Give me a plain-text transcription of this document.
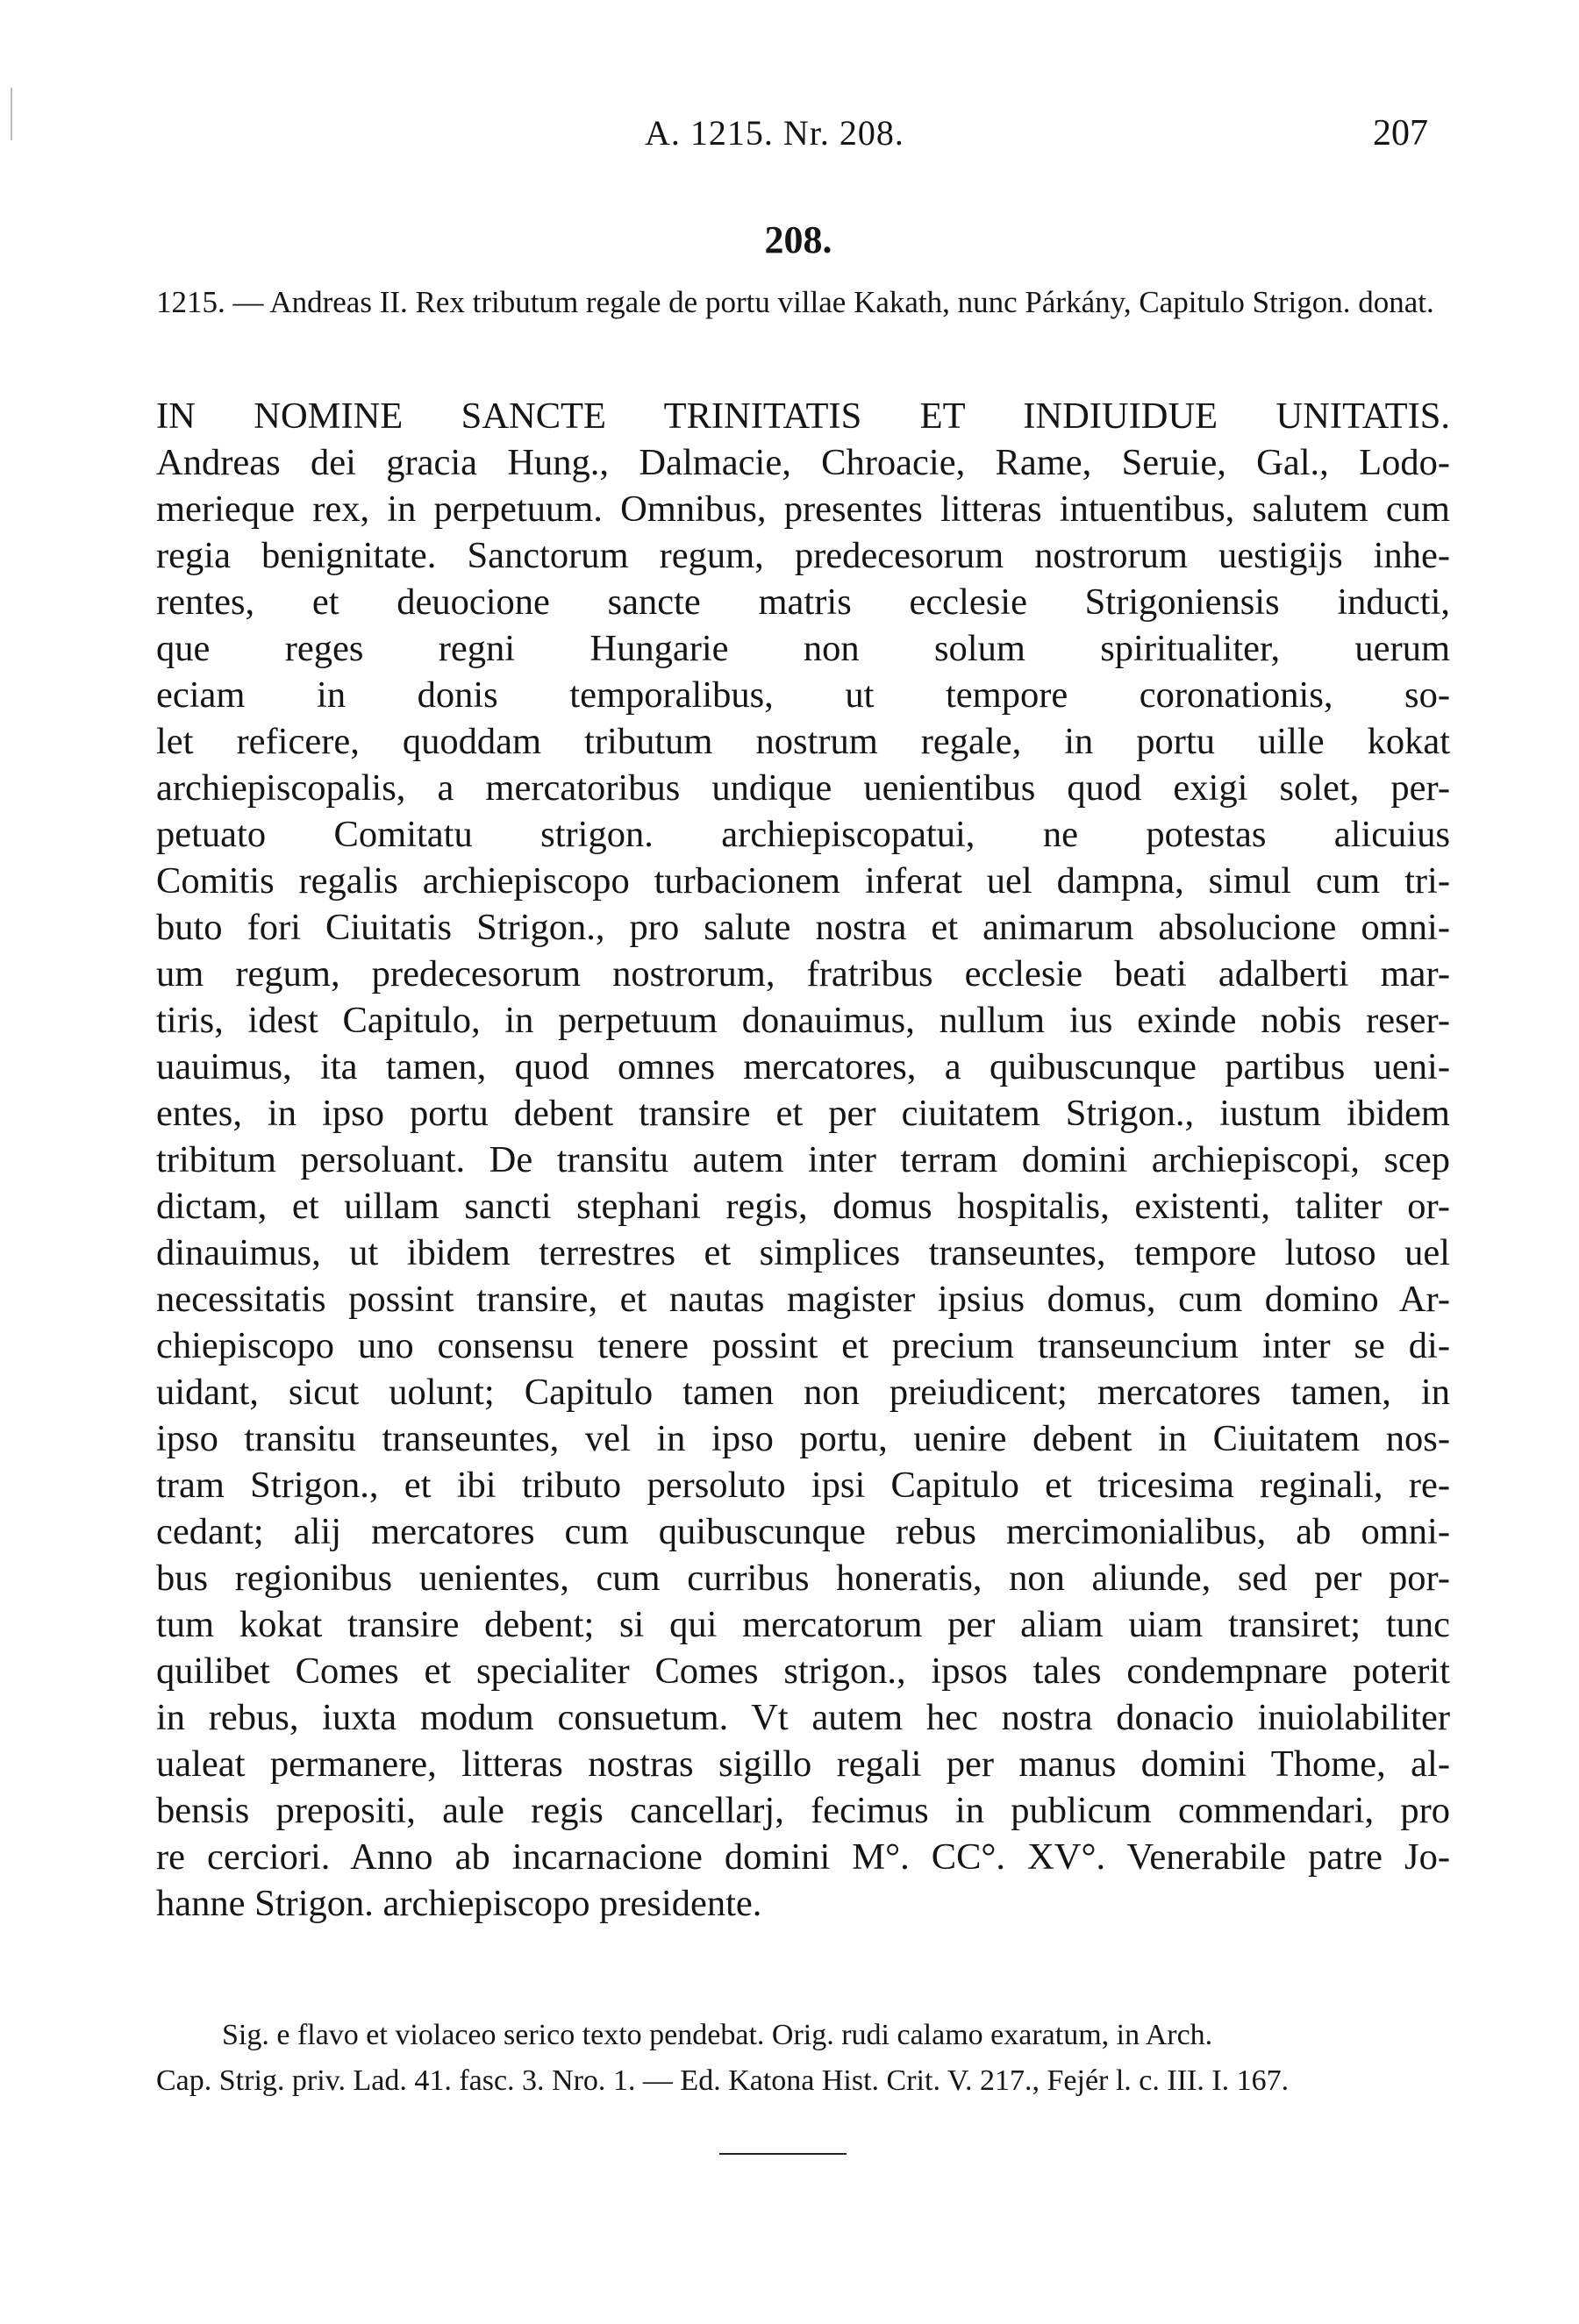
A. 1215. Nr. 208.	207
208.
1215. — Andreas II. Rex tributum regale de portu villae Kakath, nunc Párkány, Capitulo Strigon. donat.
IN NOMINE SANCTE TRINITATIS ET INDIUIDUE UNITATIS.
Andreas dei gracia Hung., Dalmacie, Chroacie, Rame, Seruie, Gal., Lodo-
merieque rex, in perpetuum. Omnibus, presentes litteras intuentibus, salutem cum
regia benignitate. Sanctorum regum, predecesorum nostrorum uestigijs inhe-
rentes, et deuocione sancte matris ecclesie Strigoniensis inducti,
que reges regni Hungarie non solum spiritualiter, uerum
eciam in donis temporalibus, ut tempore coronationis, so-
let reficere, quoddam tributum nostrum regale, in portu uille kokat
archiepiscopalis, a mercatoribus undique uenientibus quod exigi solet, per-
petuato Comitatu strigon. archiepiscopatui, ne potestas alicuius
Comitis regalis archiepiscopo turbacionem inferat uel dampna, simul cum tri-
buto fori Ciuitatis Strigon., pro salute nostra et animarum absolucione omni-
um regum, predecesorum nostrorum, fratribus ecclesie beati adalberti mar-
tiris, idest Capitulo, in perpetuum donauimus, nullum ius exinde nobis reser-
uauimus, ita tamen, quod omnes mercatores, a quibuscunque partibus ueni-
entes, in ipso portu debent transire et per ciuitatem Strigon., iustum ibidem
tribitum persoluant. De transitu autem inter terram domini archiepiscopi, scep
dictam, et uillam sancti stephani regis, domus hospitalis, existenti, taliter or-
dinauimus, ut ibidem terrestres et simplices transeuntes, tempore lutoso uel
necessitatis possint transire, et nautas magister ipsius domus, cum domino Ar-
chiepiscopo uno consensu tenere possint et precium transeuncium inter se di-
uidant, sicut uolunt; Capitulo tamen non preiudicent; mercatores tamen, in
ipso transitu transeuntes, vel in ipso portu, uenire debent in Ciuitatem nos-
tram Strigon., et ibi tributo persoluto ipsi Capitulo et tricesima reginali, re-
cedant; alij mercatores cum quibuscunque rebus mercimonialibus, ab omni-
bus regionibus uenientes, cum curribus honeratis, non aliunde, sed per por-
tum kokat transire debent; si qui mercatorum per aliam uiam transiret; tunc
quilibet Comes et specialiter Comes strigon., ipsos tales condempnare poterit
in rebus, iuxta modum consuetum. Vt autem hec nostra donacio inuiolabiliter
ualeat permanere, litteras nostras sigillo regali per manus domini Thome, al-
bensis prepositi, aule regis cancellarj, fecimus in publicum commendari, pro
re cerciori. Anno ab incarnacione domini M°. CC°. XV°. Venerabile patre Jo-
hanne Strigon. archiepiscopo presidente.
Sig. e flavo et violaceo serico texto pendebat. Orig. rudi calamo exaratum, in Arch.
Cap. Strig. priv. Lad. 41. fasc. 3. Nro. 1. — Ed. Katona Hist. Crit. V. 217., Fejér l. c. III. I. 167.
